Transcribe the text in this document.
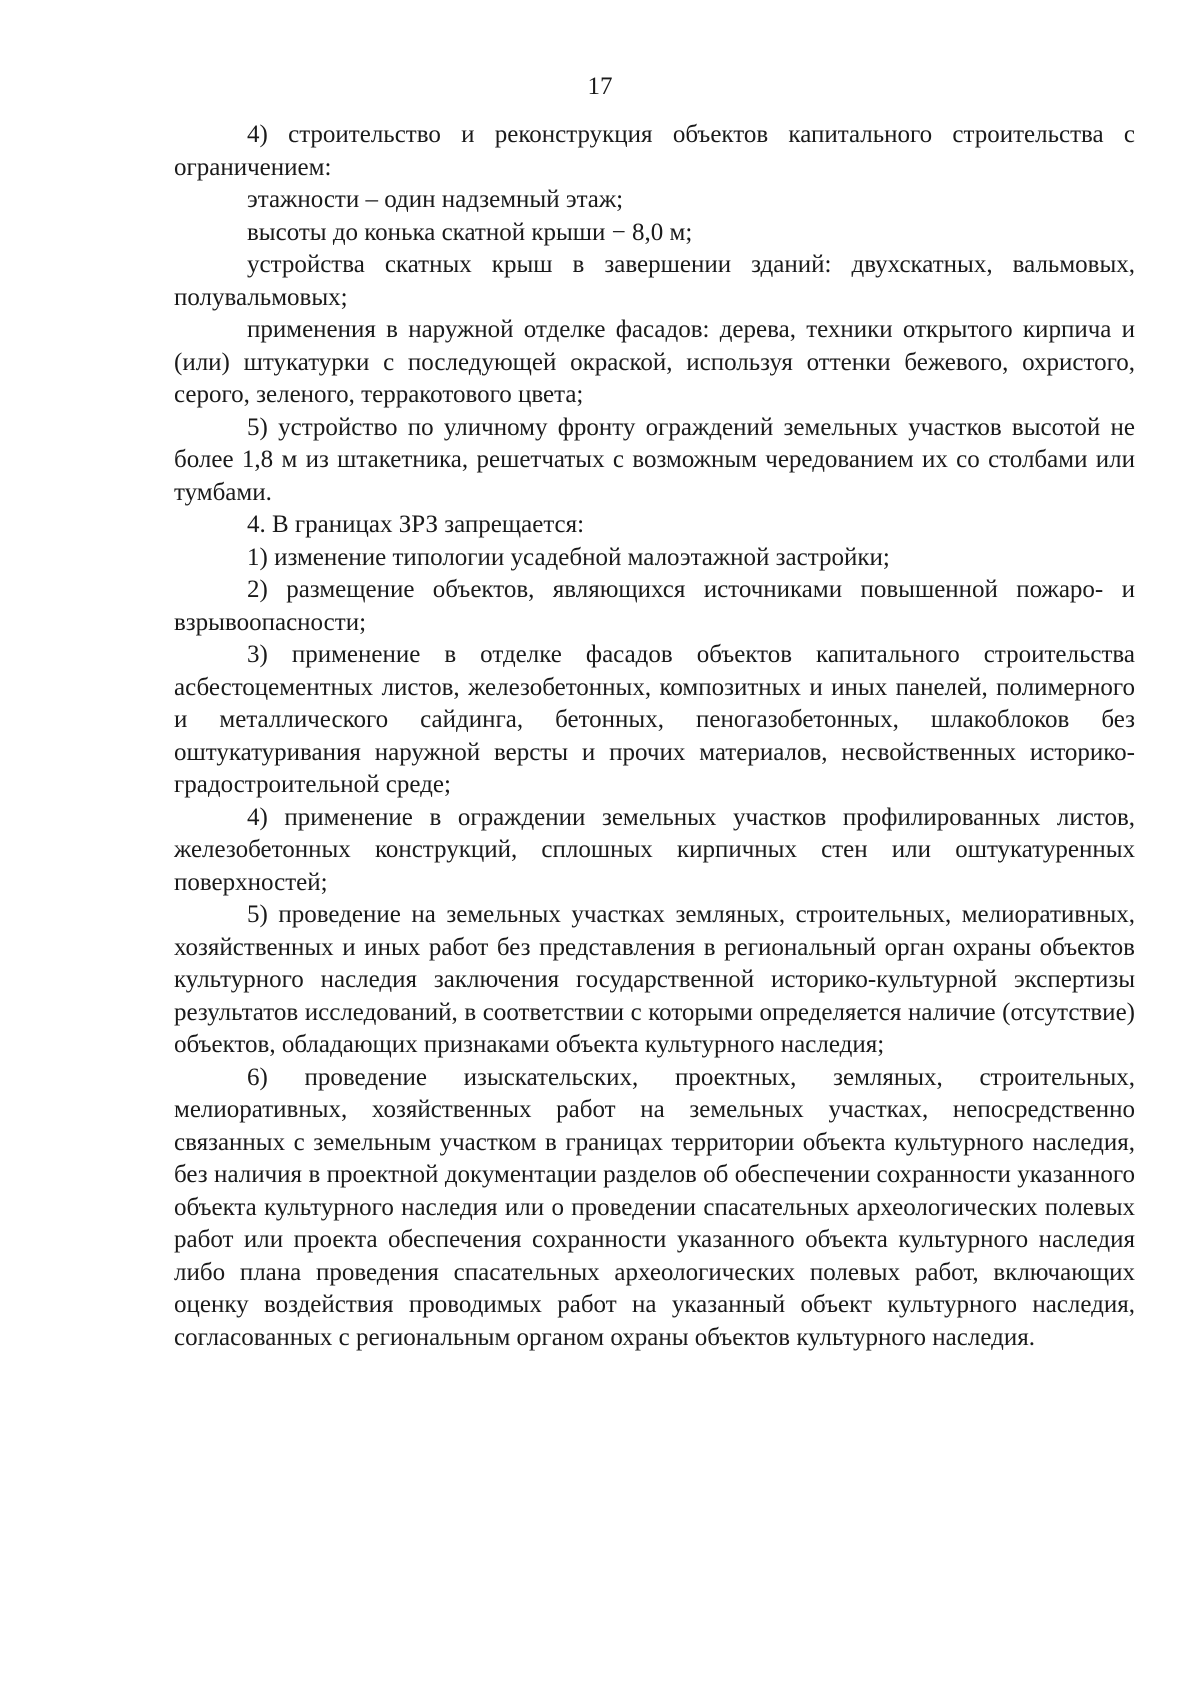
17

4) строительство и реконструкция объектов капитального строительства с ограничением:

этажности – один надземный этаж;

высоты до конька скатной крыши − 8,0 м;

устройства скатных крыш в завершении зданий: двухскатных, вальмовых, полувальмовых;

применения в наружной отделке фасадов: дерева, техники открытого кирпича и (или) штукатурки с последующей окраской, используя оттенки бежевого, охристого, серого, зеленого, терракотового цвета;

5) устройство по уличному фронту ограждений земельных участков высотой не более 1,8 м из штакетника, решетчатых с возможным чередованием их со столбами или тумбами.

4. В границах ЗРЗ запрещается:

1) изменение типологии усадебной малоэтажной застройки;

2) размещение объектов, являющихся источниками повышенной пожаро- и взрывоопасности;

3) применение в отделке фасадов объектов капитального строительства асбестоцементных листов, железобетонных, композитных и иных панелей, полимерного и металлического сайдинга, бетонных, пеногазобетонных, шлакоблоков без оштукатуривания наружной версты и прочих материалов, несвойственных историко-градостроительной среде;

4) применение в ограждении земельных участков профилированных листов, железобетонных конструкций, сплошных кирпичных стен или оштукатуренных поверхностей;

5) проведение на земельных участках земляных, строительных, мелиоративных, хозяйственных и иных работ без представления в региональный орган охраны объектов культурного наследия заключения государственной историко-культурной экспертизы результатов исследований, в соответствии с которыми определяется наличие (отсутствие) объектов, обладающих признаками объекта культурного наследия;

6) проведение изыскательских, проектных, земляных, строительных, мелиоративных, хозяйственных работ на земельных участках, непосредственно связанных с земельным участком в границах территории объекта культурного наследия, без наличия в проектной документации разделов об обеспечении сохранности указанного объекта культурного наследия или о проведении спасательных археологических полевых работ или проекта обеспечения сохранности указанного объекта культурного наследия либо плана проведения спасательных археологических полевых работ, включающих оценку воздействия проводимых работ на указанный объект культурного наследия, согласованных с региональным органом охраны объектов культурного наследия.
